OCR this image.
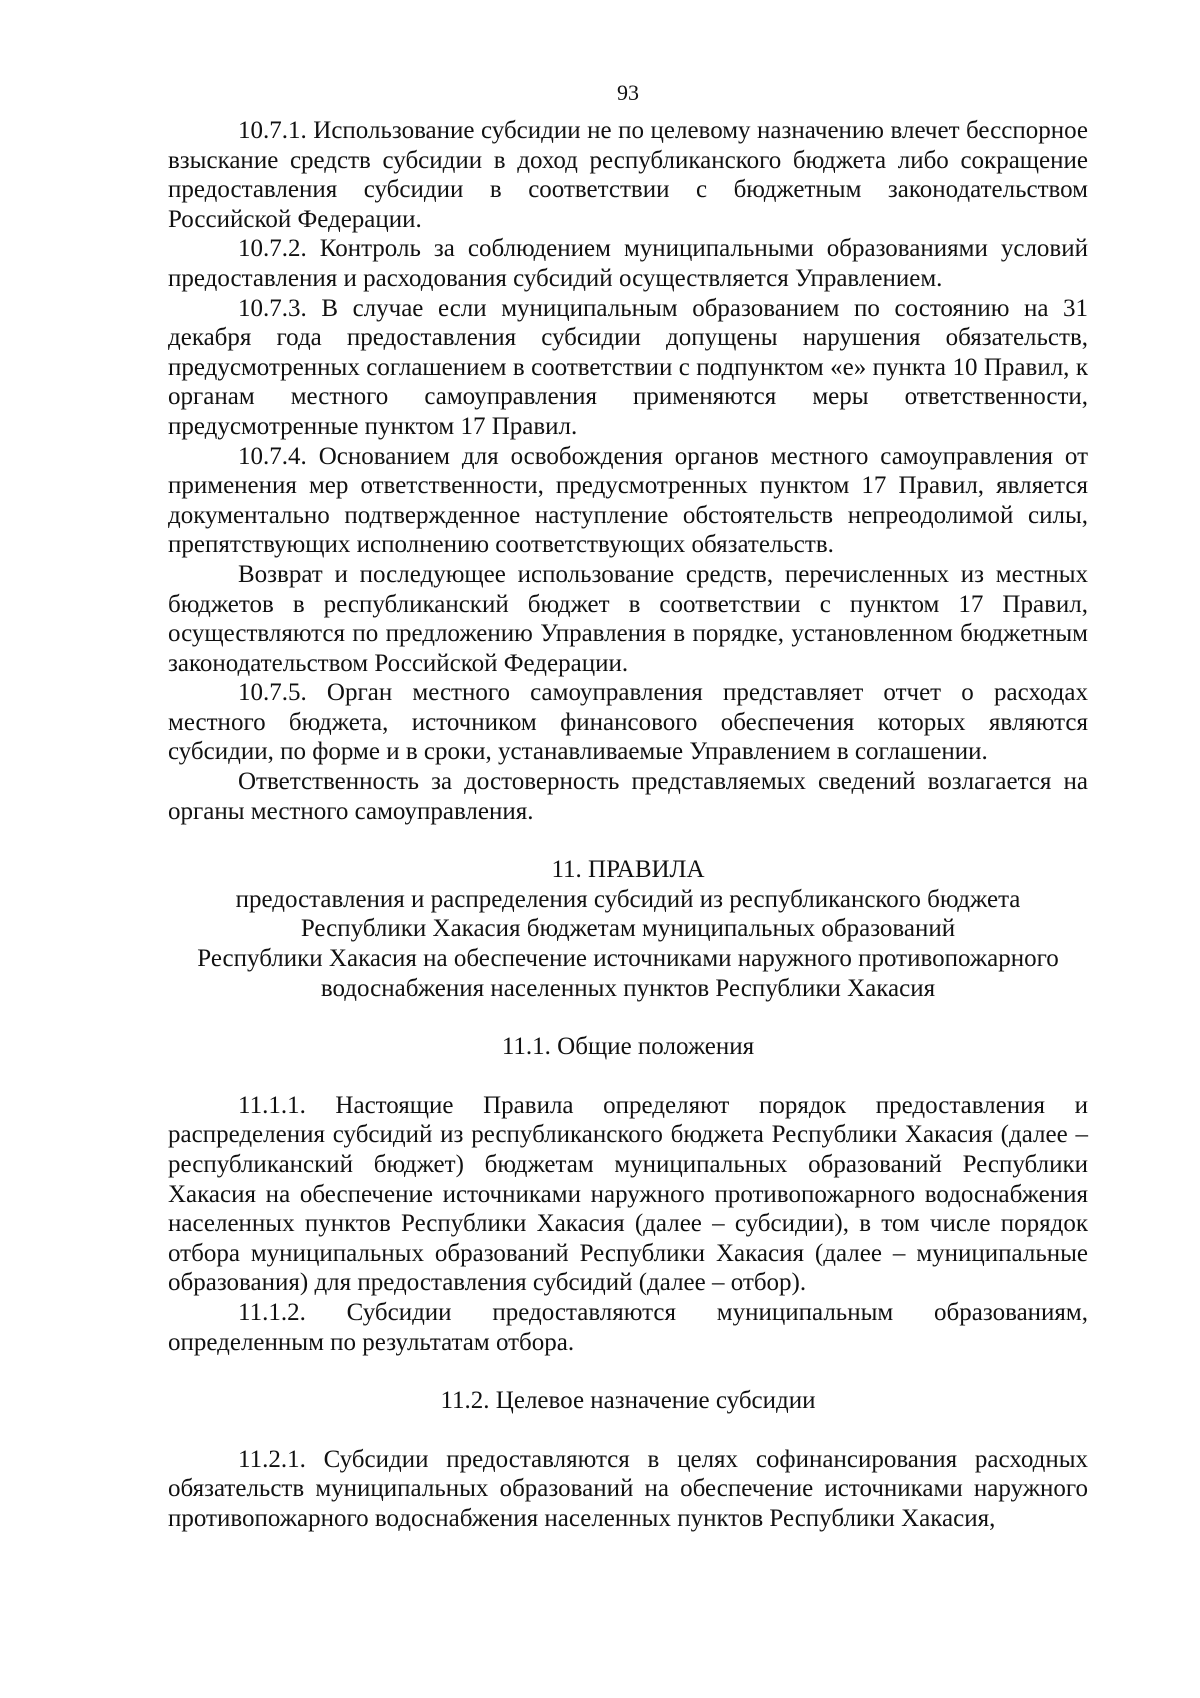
93

10.7.1. Использование субсидии не по целевому назначению влечет бесспорное взыскание средств субсидии в доход республиканского бюджета либо сокращение предоставления субсидии в соответствии с бюджетным законодательством Российской Федерации.

10.7.2. Контроль за соблюдением муниципальными образованиями условий предоставления и расходования субсидий осуществляется Управлением.

10.7.3. В случае если муниципальным образованием по состоянию на 31 декабря года предоставления субсидии допущены нарушения обязательств, предусмотренных соглашением в соответствии с подпунктом «е» пункта 10 Правил, к органам местного самоуправления применяются меры ответственности, предусмотренные пунктом 17 Правил.

10.7.4. Основанием для освобождения органов местного самоуправления от применения мер ответственности, предусмотренных пунктом 17 Правил, является документально подтвержденное наступление обстоятельств непреодолимой силы, препятствующих исполнению соответствующих обязательств.

Возврат и последующее использование средств, перечисленных из местных бюджетов в республиканский бюджет в соответствии с пунктом 17 Правил, осуществляются по предложению Управления в порядке, установленном бюджетным законодательством Российской Федерации.

10.7.5. Орган местного самоуправления представляет отчет о расходах местного бюджета, источником финансового обеспечения которых являются субсидии, по форме и в сроки, устанавливаемые Управлением в соглашении.

Ответственность за достоверность представляемых сведений возлагается на органы местного самоуправления.

11. ПРАВИЛА
предоставления и распределения субсидий из республиканского бюджета
Республики Хакасия бюджетам муниципальных образований
Республики Хакасия на обеспечение источниками наружного противопожарного
водоснабжения населенных пунктов Республики Хакасия
11.1. Общие положения

11.1.1. Настоящие Правила определяют порядок предоставления и распределения субсидий из республиканского бюджета Республики Хакасия (далее – республиканский бюджет) бюджетам муниципальных образований Республики Хакасия на обеспечение источниками наружного противопожарного водоснабжения населенных пунктов Республики Хакасия (далее – субсидии), в том числе порядок отбора муниципальных образований Республики Хакасия (далее – муниципальные образования) для предоставления субсидий (далее – отбор).

11.1.2. Субсидии предоставляются муниципальным образованиям, определенным по результатам отбора.

11.2. Целевое назначение субсидии

11.2.1. Субсидии предоставляются в целях софинансирования расходных обязательств муниципальных образований на обеспечение источниками наружного противопожарного водоснабжения населенных пунктов Республики Хакасия,
